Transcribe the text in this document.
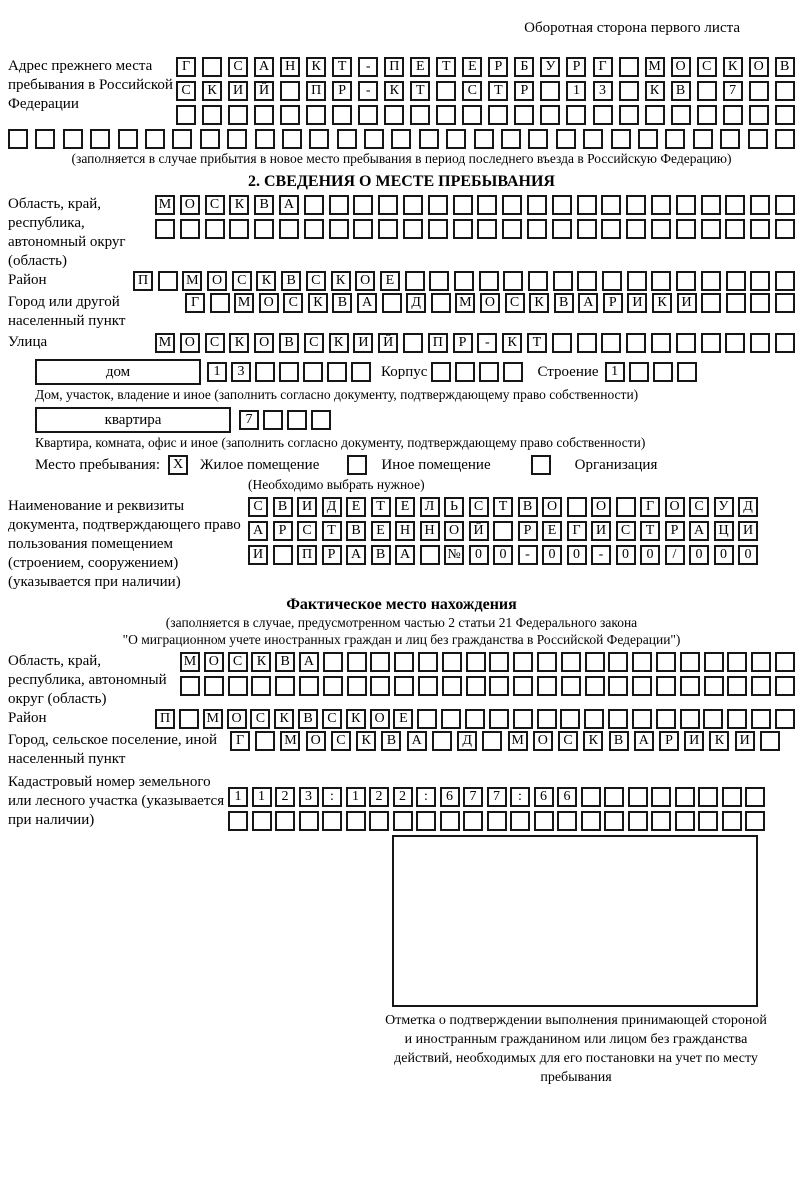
Оборотная сторона первого листа
Адрес прежнего места пребывания в Российской Федерации
Г	С	А	Н	К	Т	-	П	Е	Т	Е	Р	Б	У	Р	Г	М	О	С	К	О	В
С	К	И	Й	П	Р	-	К	Т	С	Т	Р	1	3	К	В	7
(заполняется в случае прибытия в новое место пребывания в период последнего въезда в Российскую Федерацию)
2. СВЕДЕНИЯ О МЕСТЕ ПРЕБЫВАНИЯ
Область, край, республика, автономный округ (область)
М О	С	К	В	А
Район	П	М О	С	К	В	С	К	О	Е
Город или другой населенный пункт
Г	М О	С	К	В	А	Д	М О	С	К	В	А	Р	И	К	И
Улица	М О	С	К	О	В	С	К	И	Й	П	Р	-	К	Т
дом	1	3	Корпус	Строение 1
Дом, участок, владение и иное (заполнить согласно документу, подтверждающему право собственности)
квартира	7
Квартира, комната, офис и иное (заполнить согласно документу, подтверждающему право собственности)
Место пребывания: X	Жилое помещение	Иное помещение	Организация
(Необходимо выбрать нужное)
Наименование и реквизиты документа, подтверждающего право пользования помещением (строением, сооружением) (указывается при наличии)
С	В	И	Д	Е	Т	Е	Л	Ь	С	Т	В	О	О	Г	О	С	У	Д
А	Р	С	Т	В	Е	Н	Н	О	Й	Р	Е	Г	И	С	Т	Р	А	Ц	И
И	П	Р	А	В	А	№	0	0	-	0	0	-	0	0	/	0	0	0
Фактическое место нахождения
(заполняется в случае, предусмотренном частью 2 статьи 21 Федерального закона
"О миграционном учете иностранных граждан и лиц без гражданства в Российской Федерации")
Область, край, республика, автономный округ (область)
М О	С	К	В	А
Район	П	М О	С	К	В	С	К	О	Е
Город, сельское поселение, иной населенный пункт
Г	М О	С	К	В	А	Д	М О	С	К	В	А	Р	И	К	И
Кадастровый номер земельного или лесного участка (указывается при наличии)
1	1	2	3	:	1	2	2	:	6	7	7	:	6	6
Отметка о подтверждении выполнения принимающей стороной и иностранным гражданином или лицом без гражданства действий, необходимых для его постановки на учет по месту пребывания
